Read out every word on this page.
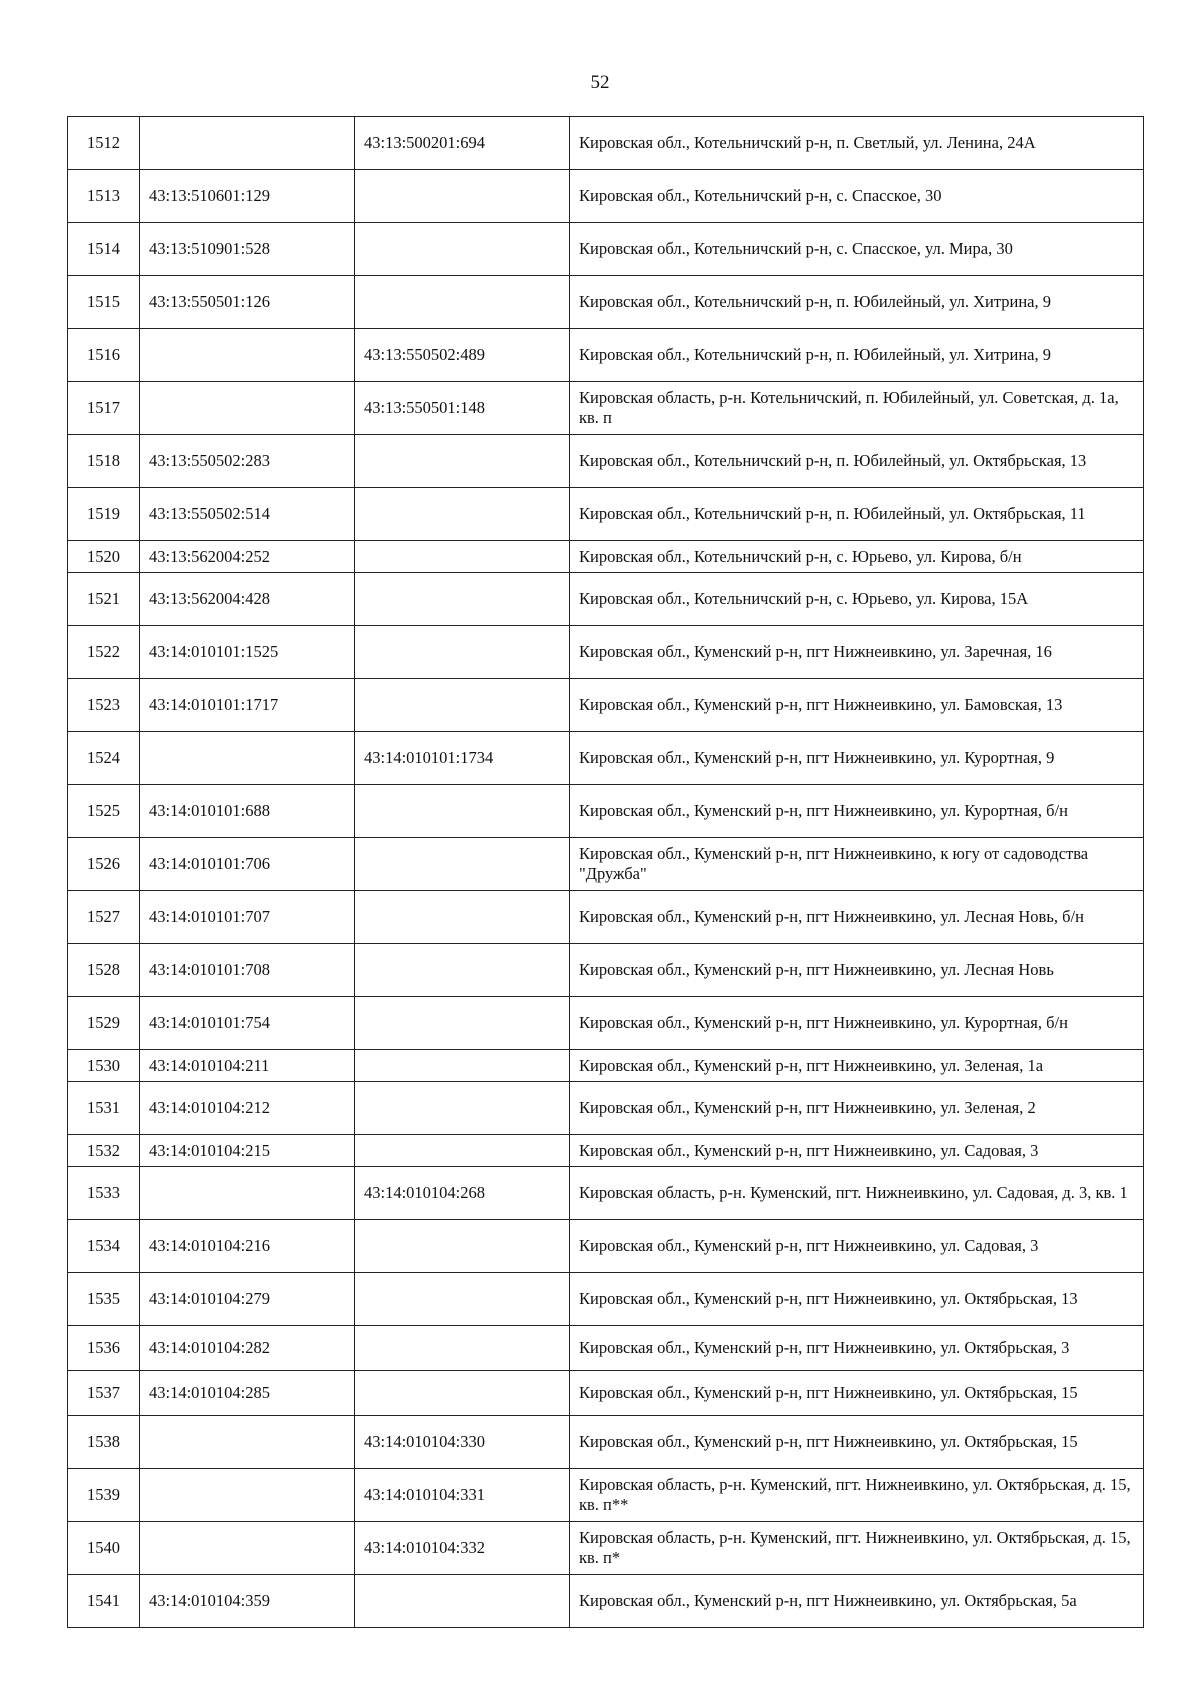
52
1512		43:13:500201:694	Кировская обл., Котельничский р-н, п. Светлый, ул. Ленина, 24А
1513	43:13:510601:129		Кировская обл., Котельничский р-н, с. Спасское, 30
1514	43:13:510901:528		Кировская обл., Котельничский р-н, с. Спасское, ул. Мира, 30
1515	43:13:550501:126		Кировская обл., Котельничский р-н, п. Юбилейный, ул. Хитрина, 9
1516		43:13:550502:489	Кировская обл., Котельничский р-н, п. Юбилейный, ул. Хитрина, 9
1517		43:13:550501:148	Кировская область, р-н. Котельничский, п. Юбилейный, ул. Советская, д. 1а, кв. п
1518	43:13:550502:283		Кировская обл., Котельничский р-н, п. Юбилейный, ул. Октябрьская, 13
1519	43:13:550502:514		Кировская обл., Котельничский р-н, п. Юбилейный, ул. Октябрьская, 11
1520	43:13:562004:252		Кировская обл., Котельничский р-н, с. Юрьево, ул. Кирова, б/н
1521	43:13:562004:428		Кировская обл., Котельничский р-н, с. Юрьево, ул. Кирова, 15А
1522	43:14:010101:1525		Кировская обл., Куменский р-н, пгт Нижнеивкино, ул. Заречная, 16
1523	43:14:010101:1717		Кировская обл., Куменский р-н, пгт Нижнеивкино, ул. Бамовская, 13
1524		43:14:010101:1734	Кировская обл., Куменский р-н, пгт Нижнеивкино, ул. Курортная, 9
1525	43:14:010101:688		Кировская обл., Куменский р-н, пгт Нижнеивкино, ул. Курортная, б/н
1526	43:14:010101:706		Кировская обл., Куменский р-н, пгт Нижнеивкино, к югу от садоводства "Дружба"
1527	43:14:010101:707		Кировская обл., Куменский р-н, пгт Нижнеивкино, ул. Лесная Новь, б/н
1528	43:14:010101:708		Кировская обл., Куменский р-н, пгт Нижнеивкино, ул. Лесная Новь
1529	43:14:010101:754		Кировская обл., Куменский р-н, пгт Нижнеивкино, ул. Курортная, б/н
1530	43:14:010104:211		Кировская обл., Куменский р-н, пгт Нижнеивкино, ул. Зеленая, 1а
1531	43:14:010104:212		Кировская обл., Куменский р-н, пгт Нижнеивкино, ул. Зеленая, 2
1532	43:14:010104:215		Кировская обл., Куменский р-н, пгт Нижнеивкино, ул. Садовая, 3
1533		43:14:010104:268	Кировская область, р-н. Куменский, пгт. Нижнеивкино, ул. Садовая, д. 3, кв. 1
1534	43:14:010104:216		Кировская обл., Куменский р-н, пгт Нижнеивкино, ул. Садовая, 3
1535	43:14:010104:279		Кировская обл., Куменский р-н, пгт Нижнеивкино, ул. Октябрьская, 13
1536	43:14:010104:282		Кировская обл., Куменский р-н, пгт Нижнеивкино, ул. Октябрьская, 3
1537	43:14:010104:285		Кировская обл., Куменский р-н, пгт Нижнеивкино, ул. Октябрьская, 15
1538		43:14:010104:330	Кировская обл., Куменский р-н, пгт Нижнеивкино, ул. Октябрьская, 15
1539		43:14:010104:331	Кировская область, р-н. Куменский, пгт. Нижнеивкино, ул. Октябрьская, д. 15, кв. п**
1540		43:14:010104:332	Кировская область, р-н. Куменский, пгт. Нижнеивкино, ул. Октябрьская, д. 15, кв. п*
1541	43:14:010104:359		Кировская обл., Куменский р-н, пгт Нижнеивкино, ул. Октябрьская, 5а
